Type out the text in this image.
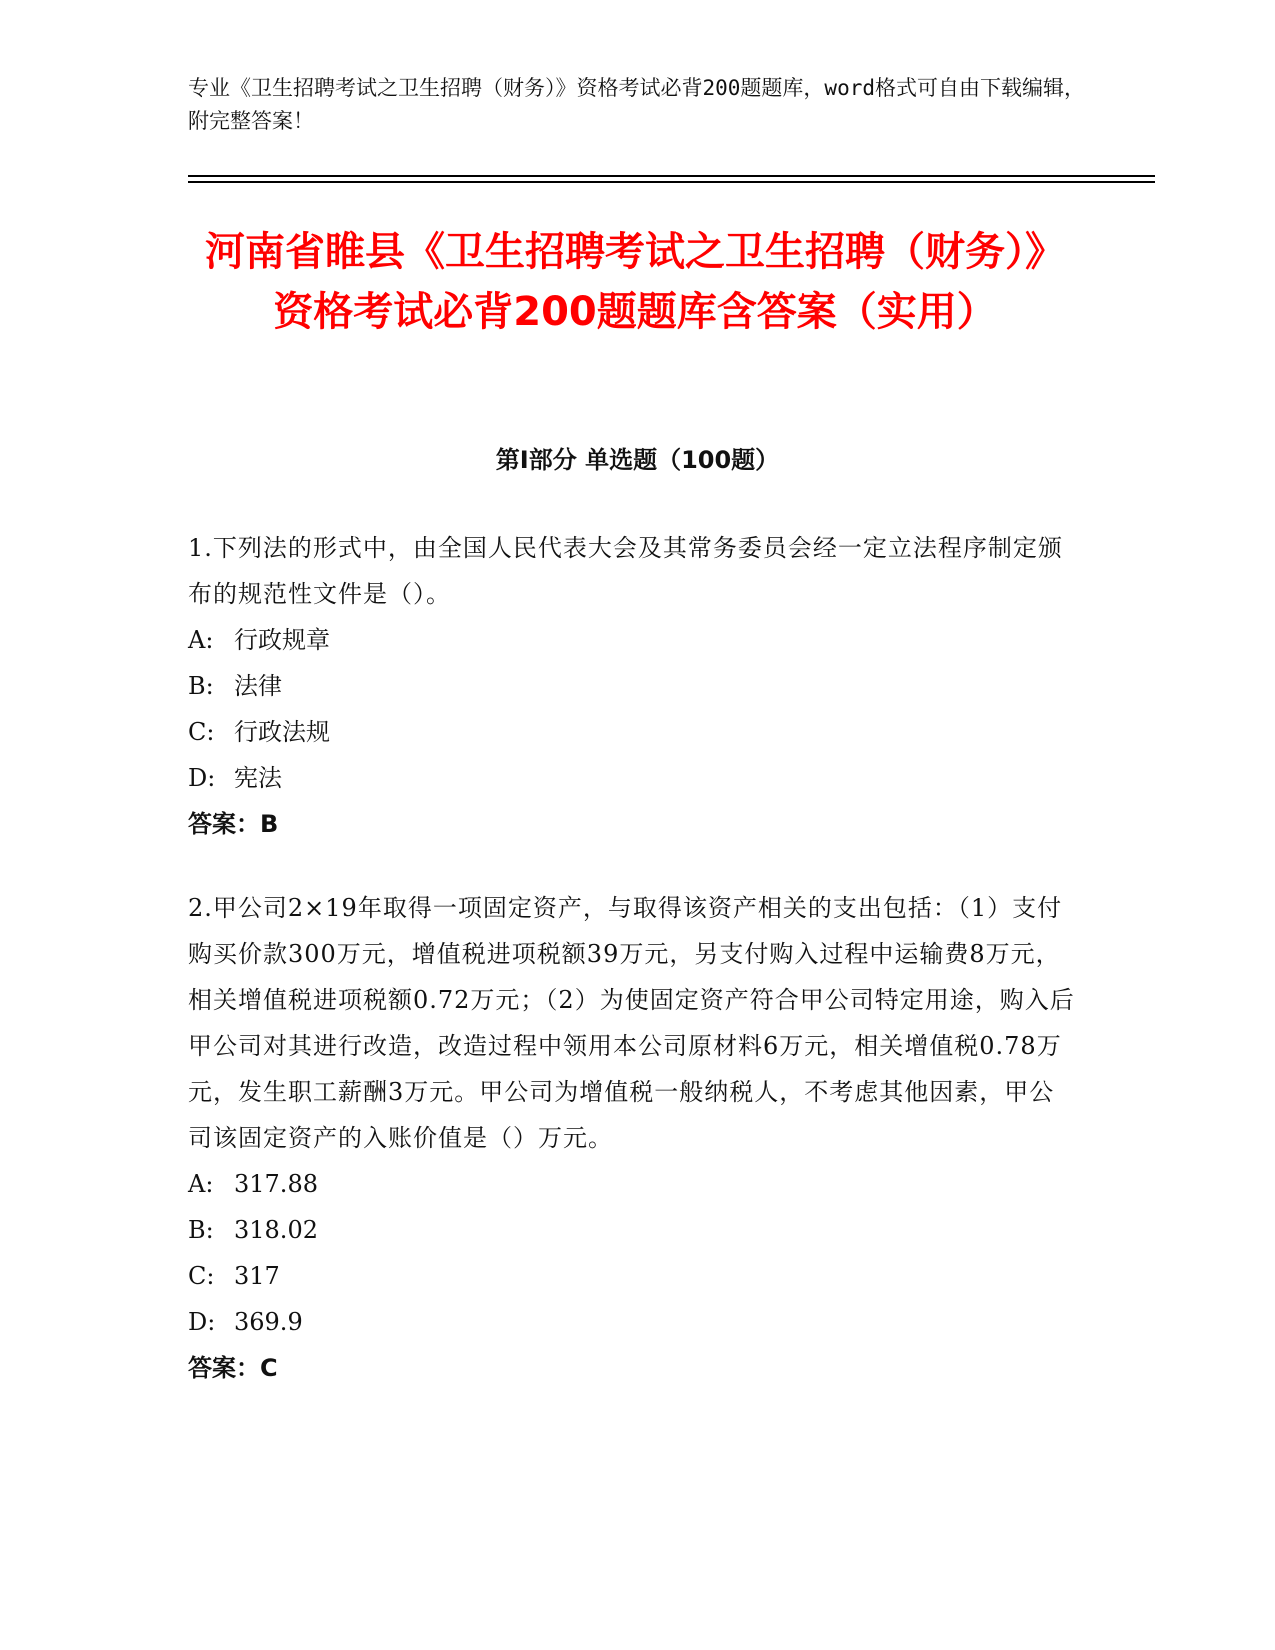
专业《卫生招聘考试之卫生招聘（财务）》资格考试必背200题题库，word格式可自由下载编辑，附完整答案！
河南省睢县《卫生招聘考试之卫生招聘（财务）》资格考试必背200题题库含答案（实用）
第Ⅰ部分 单选题（100题）
1.下列法的形式中，由全国人民代表大会及其常务委员会经一定立法程序制定颁布的规范性文件是（）。
A: 行政规章
B: 法律
C: 行政法规
D: 宪法
答案：B
2.甲公司2×19年取得一项固定资产，与取得该资产相关的支出包括：（1）支付购买价款300万元，增值税进项税额39万元，另支付购入过程中运输费8万元，相关增值税进项税额0.72万元；（2）为使固定资产符合甲公司特定用途，购入后甲公司对其进行改造，改造过程中领用本公司原材料6万元，相关增值税0.78万元，发生职工薪酬3万元。甲公司为增值税一般纳税人，不考虑其他因素，甲公司该固定资产的入账价值是（）万元。
A: 317.88
B: 318.02
C: 317
D: 369.9
答案：C
